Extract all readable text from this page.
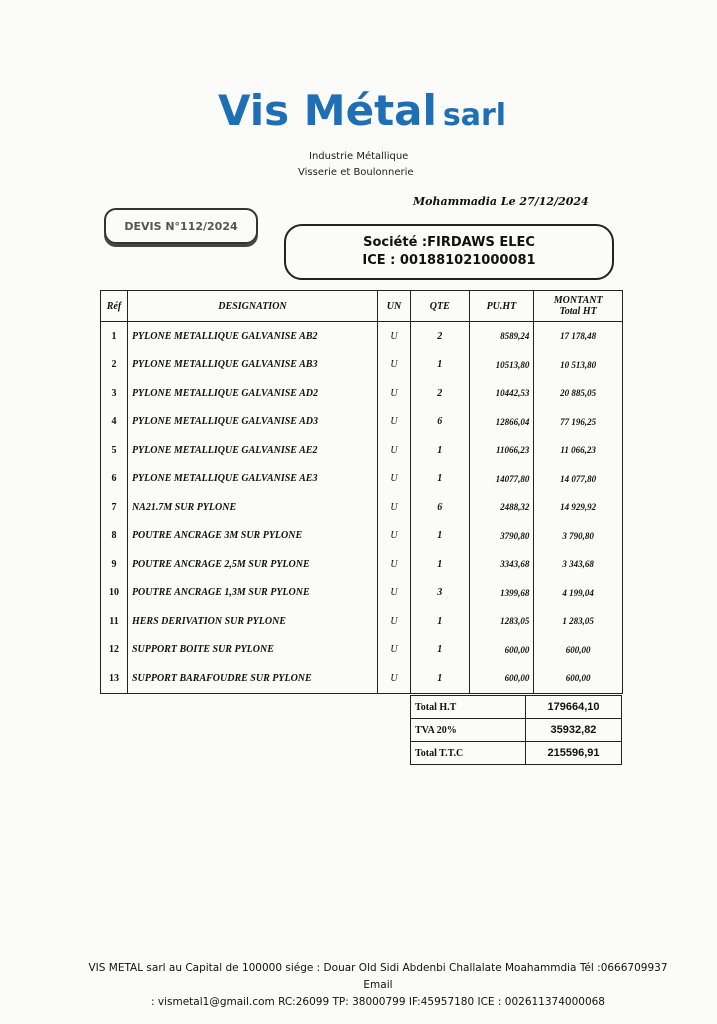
Vis Métal sarl
Industrie Métallique
Visserie et Boulonnerie
Mohammadia Le 27/12/2024
DEVIS N°112/2024
Société :FIRDAWS ELEC
ICE : 001881021000081
Réf	DESIGNATION	UN	QTE	PU.HT	MONTANT
Total HT

1	PYLONE METALLIQUE GALVANISE AB2	U	2	8589,24	17 178,48
2	PYLONE METALLIQUE GALVANISE AB3	U	1	10513,80	10 513,80
3	PYLONE METALLIQUE GALVANISE AD2	U	2	10442,53	20 885,05
4	PYLONE METALLIQUE GALVANISE AD3	U	6	12866,04	77 196,25
5	PYLONE METALLIQUE GALVANISE AE2	U	1	11066,23	11 066,23
6	PYLONE METALLIQUE GALVANISE AE3	U	1	14077,80	14 077,80
7	NA21.7M SUR PYLONE	U	6	2488,32	14 929,92
8	POUTRE ANCRAGE 3M SUR PYLONE	U	1	3790,80	3 790,80
9	POUTRE ANCRAGE 2,5M SUR PYLONE	U	1	3343,68	3 343,68
10	POUTRE ANCRAGE 1,3M SUR PYLONE	U	3	1399,68	4 199,04
11	HERS DERIVATION SUR PYLONE	U	1	1283,05	1 283,05
12	SUPPORT BOITE SUR PYLONE	U	1	600,00	600,00
13	SUPPORT BARAFOUDRE SUR PYLONE	U	1	600,00	600,00
Total H.T	179664,10
TVA 20%	35932,82
Total T.T.C	215596,91
VIS METAL sarl au Capital de 100000 siége : Douar Old Sidi Abdenbi Challalate Moahammdia Tél :0666709937 Email
: vismetal1@gmail.com RC:26099 TP: 38000799 IF:45957180 ICE : 002611374000068
